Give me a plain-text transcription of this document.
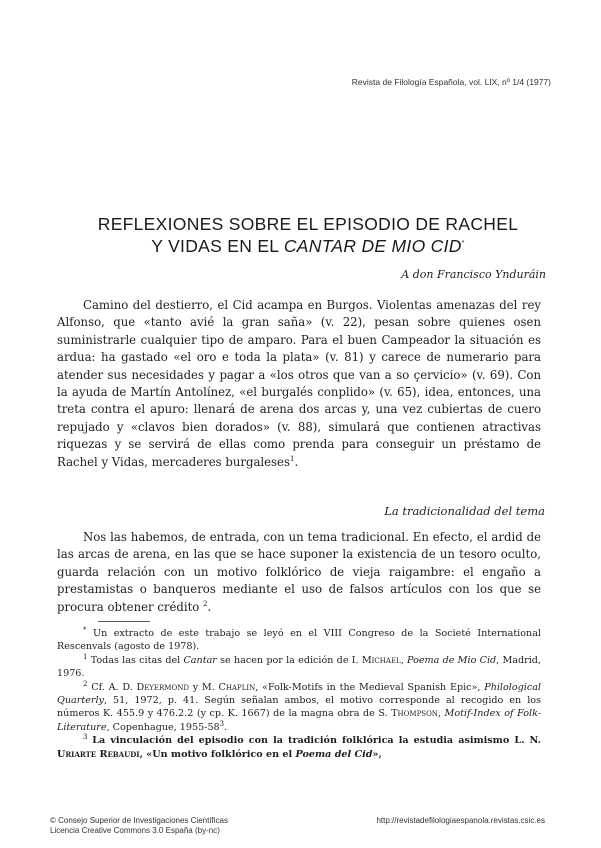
Revista de Filología Española, vol. LIX, nº 1/4 (1977)
REFLEXIONES SOBRE EL EPISODIO DE RACHEL
Y VIDAS EN EL CANTAR DE MIO CID*
A don Francisco Ynduráin

Camino del destierro, el Cid acampa en Burgos. Violentas amenazas del rey Alfonso, que «tanto avié la gran saña» (v. 22), pesan sobre quienes osen suministrarle cualquier tipo de amparo. Para el buen Campeador la situación es ardua: ha gastado «el oro e toda la plata» (v. 81) y carece de numerario para atender sus necesidades y pagar a «los otros que van a so çervicio» (v. 69). Con la ayuda de Martín Antolínez, «el burgalés conplido» (v. 65), idea, entonces, una treta contra el apuro: llenará de arena dos arcas y, una vez cubiertas de cuero repujado y «clavos bien dorados» (v. 88), simulará que contienen atractivas riquezas y se servirá de ellas como prenda para conseguir un préstamo de Rachel y Vidas, mercaderes burgaleses$^1$.

La tradicionalidad del tema

Nos las habemos, de entrada, con un tema tradicional. En efecto, el ardid de las arcas de arena, en las que se hace suponer la existencia de un tesoro oculto, guarda relación con un motivo folklórico de vieja raigambre: el engaño a prestamistas o banqueros mediante el uso de falsos artículos con los que se procura obtener crédito $^2$.

* Un extracto de este trabajo se leyó en el VIII Congreso de la Societé International Rescenvals (agosto de 1978).

$^1$ Todas las citas del Cantar se hacen por la edición de I. Michael, Poema de Mio Cid, Madrid, 1976.

$^2$ Cf. A. D. Deyermond y M. Chaplin, «Folk-Motifs in the Medieval Spanish Epic», Philological Quarterly, 51, 1972, p. 41. Según señalan ambos, el motivo corresponde al recogido en los números K. 455.9 y 476.2.2 (y cp. K. 1667) de la magna obra de S. Thompson, Motif-Index of Folk-Literature, Copenhague, $1955-58^3$.

$^3$ La vinculación del episodio con la tradición folklórica la estudia asimismo L. N. Uriarte Rebaudi, «Un motivo folklórico en el Poema del Cid»,

© Consejo Superior de Investigaciones Científicas
Licencia Creative Commons 3.0 España (by-nc)
http://revistadefilologiaespanola.revistas.csic.es
